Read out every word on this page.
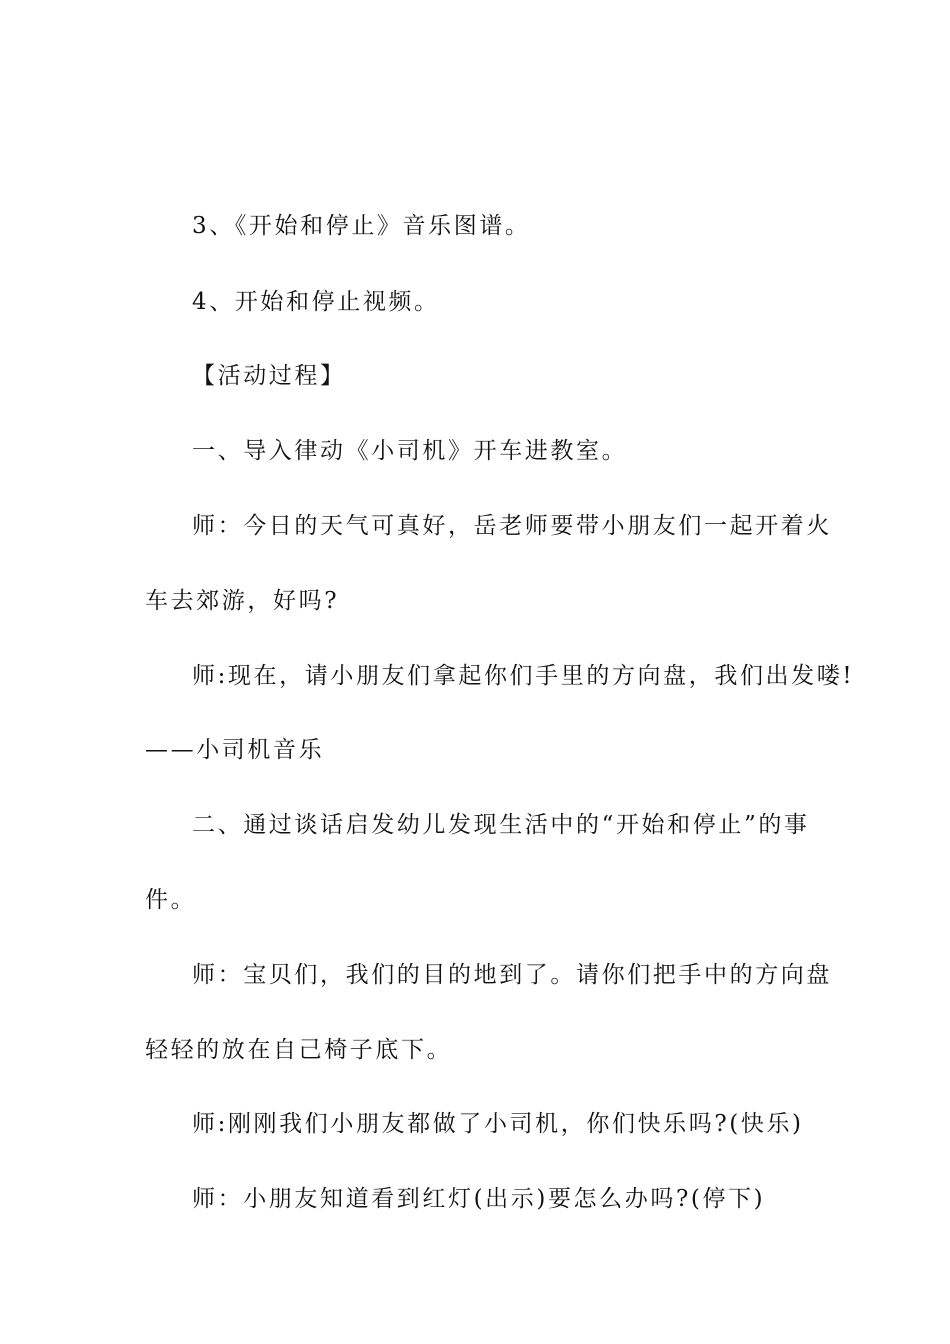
3、《开始和停止》音乐图谱。
4、开始和停止视频。
【活动过程】
一、导入律动《小司机》开车进教室。
师：今日的天气可真好，岳老师要带小朋友们一起开着火
车去郊游，好吗?
师:现在，请小朋友们拿起你们手里的方向盘，我们出发喽!
——小司机音乐
二、通过谈话启发幼儿发现生活中的“开始和停止”的事
件。
师：宝贝们，我们的目的地到了。请你们把手中的方向盘
轻轻的放在自己椅子底下。
师:刚刚我们小朋友都做了小司机，你们快乐吗?(快乐)
师：小朋友知道看到红灯(出示)要怎么办吗?(停下)
